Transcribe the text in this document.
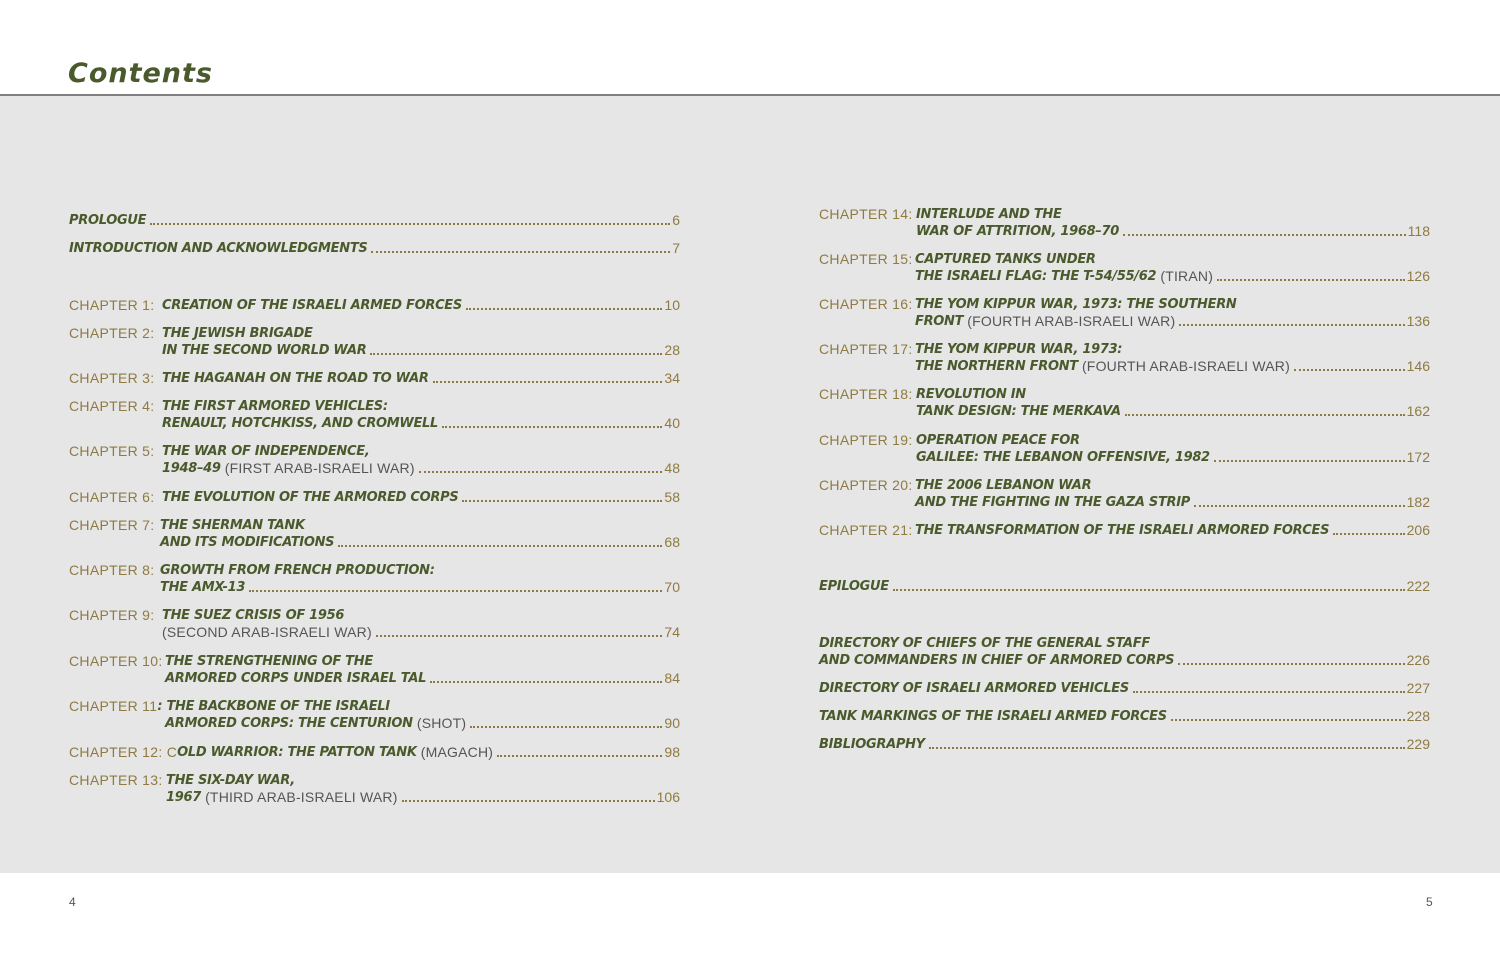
Contents
PROLOGUE	6
INTRODUCTION AND ACKNOWLEDGMENTS	7
CHAPTER 1: CREATION OF THE ISRAELI ARMED FORCES	10
CHAPTER 2: THE JEWISH BRIGADE
IN THE SECOND WORLD WAR	28
CHAPTER 3: THE HAGANAH ON THE ROAD TO WAR	34
CHAPTER 4: THE FIRST ARMORED VEHICLES:
RENAULT, HOTCHKISS, AND CROMWELL	40
CHAPTER 5: THE WAR OF INDEPENDENCE,
1948–49 (FIRST ARAB-ISRAELI WAR)	48
CHAPTER 6: THE EVOLUTION OF THE ARMORED CORPS	58
CHAPTER 7: THE SHERMAN TANK
AND ITS MODIFICATIONS	68
CHAPTER 8: GROWTH FROM FRENCH PRODUCTION:
THE AMX-13	70
CHAPTER 9: THE SUEZ CRISIS OF 1956
(SECOND ARAB-ISRAELI WAR)	74
CHAPTER 10: THE STRENGTHENING OF THE
ARMORED CORPS UNDER ISRAEL TAL	84
CHAPTER 11 : THE BACKBONE OF THE ISRAELI
ARMORED CORPS: THE CENTURION (SHOT)	90
CHAPTER 12: C OLD WARRIOR: THE PATTON TANK (MAGACH)	98
CHAPTER 13: THE SIX-DAY WAR,
1967 (THIRD ARAB-ISRAELI WAR)	106
CHAPTER 14: INTERLUDE AND THE
WAR OF ATTRITION, 1968–70	118
CHAPTER 15: CAPTURED TANKS UNDER
THE ISRAELI FLAG: THE T-54/55/62 (TIRAN)	126
CHAPTER 16: THE YOM KIPPUR WAR, 1973: THE SOUTHERN
FRONT (FOURTH ARAB-ISRAELI WAR)	136
CHAPTER 17: THE YOM KIPPUR WAR, 1973:
THE NORTHERN FRONT (FOURTH ARAB-ISRAELI WAR)	146
CHAPTER 18: REVOLUTION IN
TANK DESIGN: THE MERKAVA	162
CHAPTER 19: OPERATION PEACE FOR
GALILEE: THE LEBANON OFFENSIVE, 1982	172
CHAPTER 20: THE 2006 LEBANON WAR
AND THE FIGHTING IN THE GAZA STRIP	182
CHAPTER 21: THE TRANSFORMATION OF THE ISRAELI ARMORED FORCES	206
EPILOGUE	222
DIRECTORY OF CHIEFS OF THE GENERAL STAFF
AND COMMANDERS IN CHIEF OF ARMORED CORPS	226
DIRECTORY OF ISRAELI ARMORED VEHICLES	227
TANK MARKINGS OF THE ISRAELI ARMED FORCES	228
BIBLIOGRAPHY	229
4	5
